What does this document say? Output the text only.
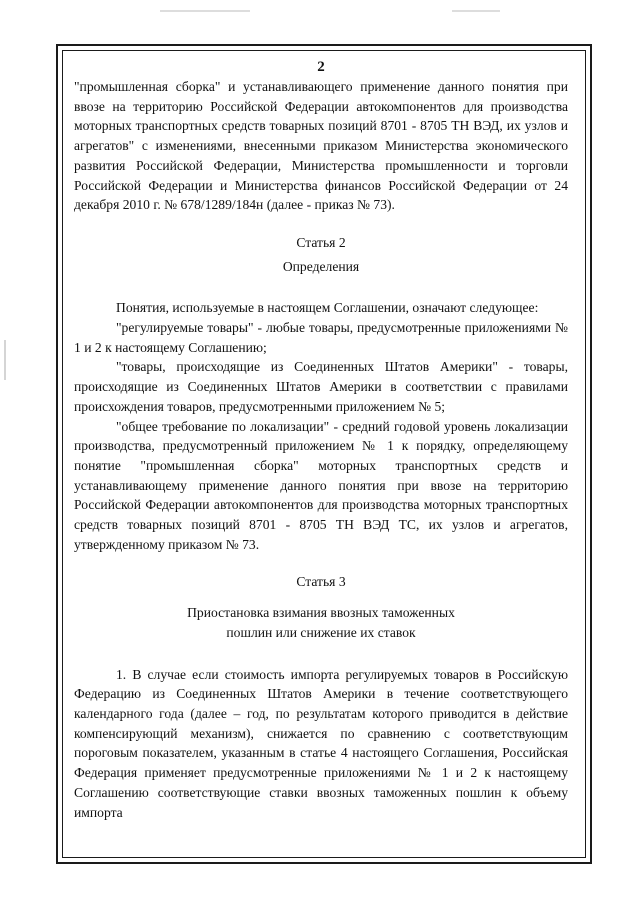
2

"промышленная сборка" и устанавливающего применение данного понятия при ввозе на территорию Российской Федерации автокомпонентов для производства моторных транспортных средств товарных позиций 8701 - 8705 ТН ВЭД, их узлов и агрегатов" с изменениями, внесенными приказом Министерства экономического развития Российской Федерации, Министерства промышленности и торговли Российской Федерации и Министерства финансов Российской Федерации от 24 декабря 2010 г. № 678/1289/184н (далее - приказ № 73).

Статья 2

Определения

Понятия, используемые в настоящем Соглашении, означают следующее:

"регулируемые товары" - любые товары, предусмотренные приложениями № 1 и 2 к настоящему Соглашению;

"товары, происходящие из Соединенных Штатов Америки" - товары, происходящие из Соединенных Штатов Америки в соответствии с правилами происхождения товаров, предусмотренными приложением № 5;

"общее требование по локализации" - средний годовой уровень локализации производства, предусмотренный приложением № 1 к порядку, определяющему понятие "промышленная сборка" моторных транспортных средств и устанавливающему применение данного понятия при ввозе на территорию Российской Федерации автокомпонентов для производства моторных транспортных средств товарных позиций 8701 - 8705 ТН ВЭД ТС, их узлов и агрегатов, утвержденному приказом № 73.

Статья 3

Приостановка взимания ввозных таможенных

пошлин или снижение их ставок

1. В случае если стоимость импорта регулируемых товаров в Российскую Федерацию из Соединенных Штатов Америки в течение соответствующего календарного года (далее – год, по результатам которого приводится в действие компенсирующий механизм), снижается по сравнению с соответствующим пороговым показателем, указанным в статье 4 настоящего Соглашения, Российская Федерация применяет предусмотренные приложениями № 1 и 2 к настоящему Соглашению соответствующие ставки ввозных таможенных пошлин к объему импорта
